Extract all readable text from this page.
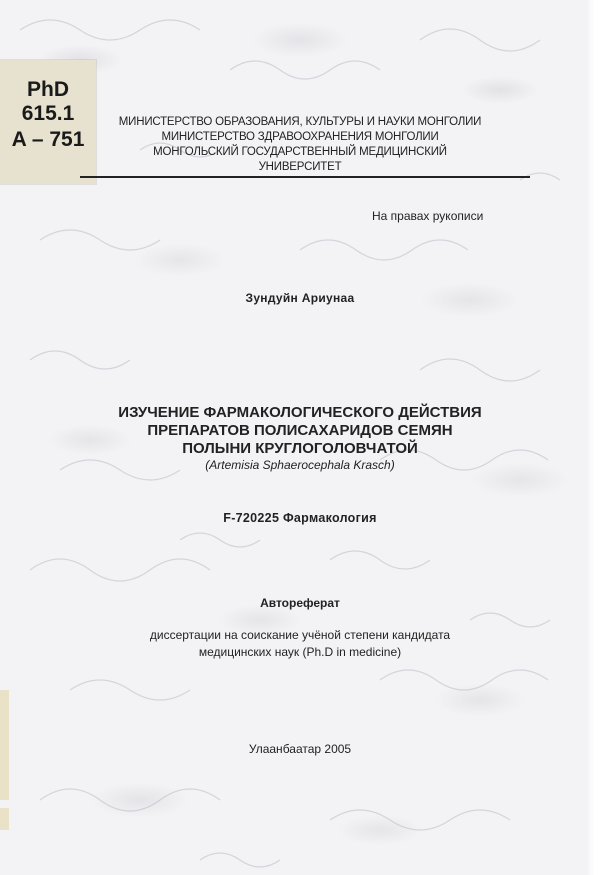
PhD
615.1
A – 751
МИНИСТЕРСТВО ОБРАЗОВАНИЯ, КУЛЬТУРЫ И НАУКИ МОНГОЛИИ
МИНИСТЕРСТВО ЗДРАВООХРАНЕНИЯ МОНГОЛИИ
МОНГОЛЬСКИЙ ГОСУДАРСТВЕННЫЙ МЕДИЦИНСКИЙ
УНИВЕРСИТЕТ
На правах рукописи
Зундуйн Ариунаа
ИЗУЧЕНИЕ ФАРМАКОЛОГИЧЕСКОГО ДЕЙСТВИЯ
ПРЕПАРАТОВ ПОЛИСАХАРИДОВ СЕМЯН
ПОЛЫНИ КРУГЛОГОЛОВЧАТОЙ
(Artemisia Sphaerocephala Krasch)
F-720225 Фармакология
Автореферат
диссертации на соискание учёной степени кандидата
медицинских наук (Ph.D in medicine)
Улаанбаатар 2005
